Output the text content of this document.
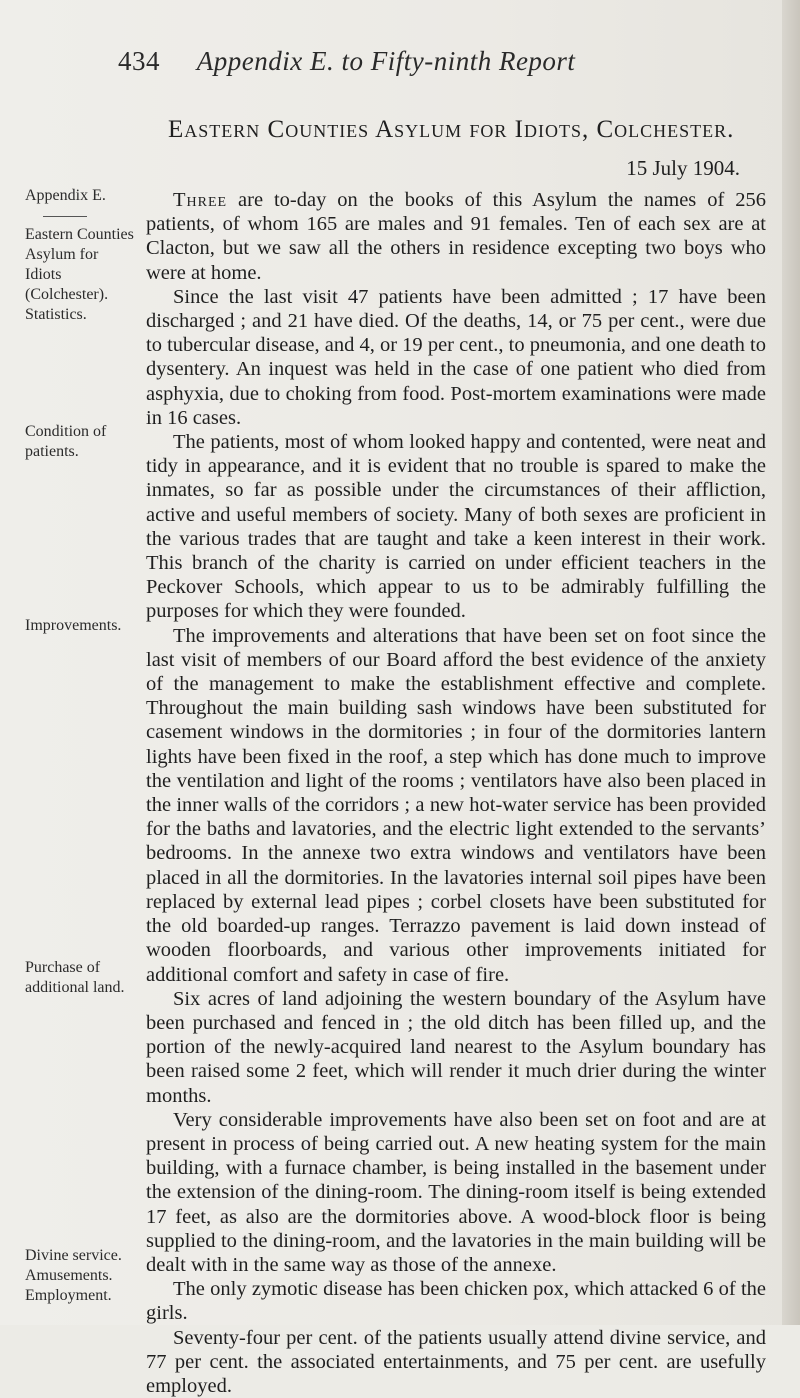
434 Appendix E. to Fifty-ninth Report
Eastern Counties Asylum for Idiots, Colchester.
15 July 1904.
Appendix E.
Eastern Counties Asylum for Idiots (Colchester).
Statistics.
Condition of patients.
Improvements.
Purchase of additional land.
Divine service.
Amusements.
Employment.

Three are to-day on the books of this Asylum the names of 256 patients, of whom 165 are males and 91 females. Ten of each sex are at Clacton, but we saw all the others in residence excepting two boys who were at home.

Since the last visit 47 patients have been admitted ; 17 have been discharged ; and 21 have died. Of the deaths, 14, or 75 per cent., were due to tubercular disease, and 4, or 19 per cent., to pneumonia, and one death to dysentery. An inquest was held in the case of one patient who died from asphyxia, due to choking from food. Post-mortem examinations were made in 16 cases.

The patients, most of whom looked happy and contented, were neat and tidy in appearance, and it is evident that no trouble is spared to make the inmates, so far as possible under the circumstances of their affliction, active and useful members of society. Many of both sexes are proficient in the various trades that are taught and take a keen interest in their work. This branch of the charity is carried on under efficient teachers in the Peckover Schools, which appear to us to be admirably fulfilling the purposes for which they were founded.

The improvements and alterations that have been set on foot since the last visit of members of our Board afford the best evidence of the anxiety of the management to make the establishment effective and complete. Throughout the main building sash windows have been substituted for casement windows in the dormitories ; in four of the dormitories lantern lights have been fixed in the roof, a step which has done much to improve the ventilation and light of the rooms ; ventilators have also been placed in the inner walls of the corridors ; a new hot-water service has been provided for the baths and lavatories, and the electric light extended to the servants’ bedrooms. In the annexe two extra windows and ventilators have been placed in all the dormitories. In the lavatories internal soil pipes have been replaced by external lead pipes ; corbel closets have been substituted for the old boarded-up ranges. Terrazzo pavement is laid down instead of wooden floorboards, and various other improvements initiated for additional comfort and safety in case of fire.

Six acres of land adjoining the western boundary of the Asylum have been purchased and fenced in ; the old ditch has been filled up, and the portion of the newly-acquired land nearest to the Asylum boundary has been raised some 2 feet, which will render it much drier during the winter months.

Very considerable improvements have also been set on foot and are at present in process of being carried out. A new heating system for the main building, with a furnace chamber, is being installed in the basement under the extension of the dining-room. The dining-room itself is being extended 17 feet, as also are the dormitories above. A wood-block floor is being supplied to the dining-room, and the lavatories in the main building will be dealt with in the same way as those of the annexe.

The only zymotic disease has been chicken pox, which attacked 6 of the girls.

Seventy-four per cent. of the patients usually attend divine service, and 77 per cent. the associated entertainments, and 75 per cent. are usefully employed.
